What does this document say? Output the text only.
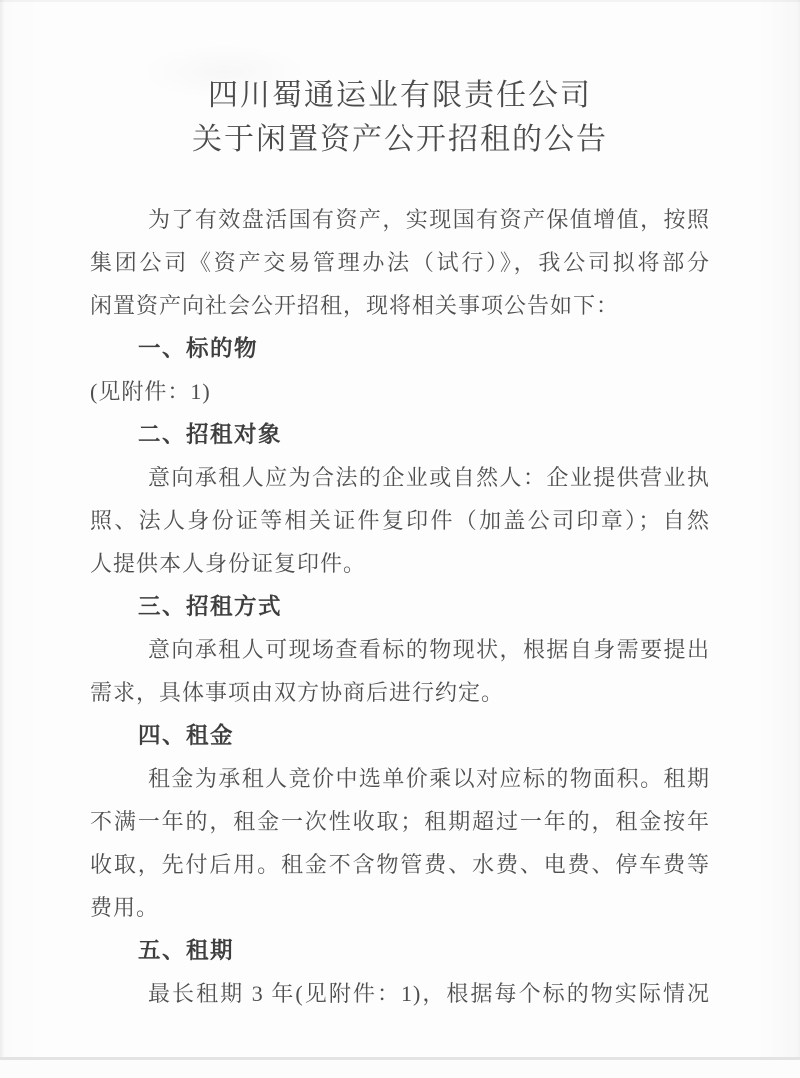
四川蜀通运业有限责任公司
关于闲置资产公开招租的公告
为了有效盘活国有资产，实现国有资产保值增值，按照
集团公司《资产交易管理办法（试行）》，我公司拟将部分
闲置资产向社会公开招租，现将相关事项公告如下：
一、标的物
(见附件：1)
二、招租对象
意向承租人应为合法的企业或自然人：企业提供营业执
照、法人身份证等相关证件复印件（加盖公司印章）；自然
人提供本人身份证复印件。
三、招租方式
意向承租人可现场查看标的物现状，根据自身需要提出
需求，具体事项由双方协商后进行约定。
四、租金
租金为承租人竞价中选单价乘以对应标的物面积。租期
不满一年的，租金一次性收取；租期超过一年的，租金按年
收取，先付后用。租金不含物管费、水费、电费、停车费等
费用。
五、租期
最长租期 3 年(见附件：1)，根据每个标的物实际情况
